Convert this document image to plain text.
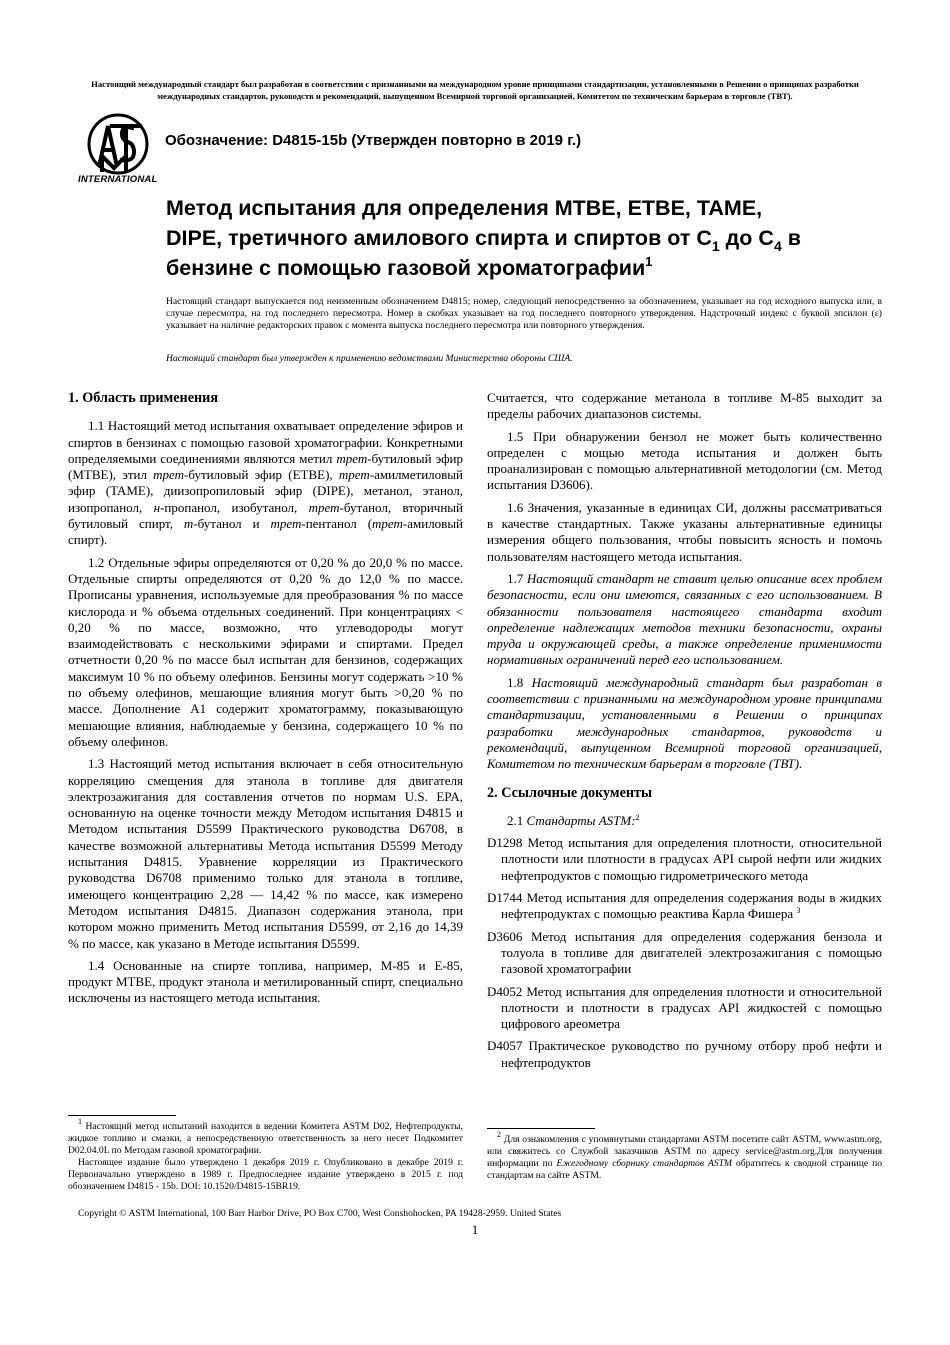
Настоящий международный стандарт был разработан в соответствии с признанными на международном уровне принципами стандартизации, установленными в Решении о принципах разработки международных стандартов, руководств и рекомендаций, выпущенном Всемирной торговой организацией, Комитетом по техническим барьерам в торговле (ТВТ).
INTERNATIONAL
Обозначение: D4815-15b (Утвержден повторно в 2019 г.)
Метод испытания для определения MTBE, ETBE, TAME, DIPE, третичного амилового спирта и спиртов от $C_1$ до $C_4$ в бензине с помощью газовой хроматографии$^1$
Настоящий стандарт выпускается под неизменным обозначением D4815; номер, следующий непосредственно за обозначением, указывает на год исходного выпуска или, в случае пересмотра, на год последнего пересмотра. Номер в скобках указывает на год последнего повторного утверждения. Надстрочный индекс с буквой эпсилон (ε) указывает на наличие редакторских правок с момента выпуска последнего пересмотра или повторного утверждения.
Настоящий стандарт был утвержден к применению ведомствами Министерства обороны США.
1. Область применения

1.1 Настоящий метод испытания охватывает определение эфиров и спиртов в бензинах с помощью газовой хроматографии. Конкретными определяемыми соединениями являются метил трет-бутиловый эфир (MTBE), этил трет-бутиловый эфир (ETBE), трет-амилметиловый эфир (TAME), диизопропиловый эфир (DIPE), метанол, этанол, изопропанол, н-пропанол, изобутанол, трет-бутанол, вторичный бутиловый спирт, т-бутанол и трет-пентанол (трет-амиловый спирт).

1.2 Отдельные эфиры определяются от 0,20 % до 20,0 % по массе. Отдельные спирты определяются от 0,20 % до 12,0 % по массе. Прописаны уравнения, используемые для преобразования % по массе кислорода и % объема отдельных соединений. При концентрациях < 0,20 % по массе, возможно, что углеводороды могут взаимодействовать с несколькими эфирами и спиртами. Предел отчетности 0,20 % по массе был испытан для бензинов, содержащих максимум 10 % по объему олефинов. Бензины могут содержать >10 % по объему олефинов, мешающие влияния могут быть >0,20 % по массе. Дополнение A1 содержит хроматограмму, показывающую мешающие влияния, наблюдаемые у бензина, содержащего 10 % по объему олефинов.

1.3 Настоящий метод испытания включает в себя относительную корреляцию смещения для этанола в топливе для двигателя электрозажигания для составления отчетов по нормам U.S. EPA, основанную на оценке точности между Методом испытания D4815 и Методом испытания D5599 Практического руководства D6708, в качестве возможной альтернативы Метода испытания D5599 Методу испытания D4815. Уравнение корреляции из Практического руководства D6708 применимо только для этанола в топливе, имеющего концентрацию 2,28 — 14,42 % по массе, как измерено Методом испытания D4815. Диапазон содержания этанола, при котором можно применить Метод испытания D5599, от 2,16 до 14,39 % по массе, как указано в Методе испытания D5599.

1.4 Основанные на спирте топлива, например, M-85 и E-85, продукт MTBE, продукт этанола и метилированный спирт, специально исключены из настоящего метода испытания.

Считается, что содержание метанола в топливе M-85 выходит за пределы рабочих диапазонов системы.

1.5 При обнаружении бензол не может быть количественно определен с мощью метода испытания и должен быть проанализирован с помощью альтернативной методологии (см. Метод испытания D3606).

1.6 Значения, указанные в единицах СИ, должны рассматриваться в качестве стандартных. Также указаны альтернативные единицы измерения общего пользования, чтобы повысить ясность и помочь пользователям настоящего метода испытания.

1.7 Настоящий стандарт не ставит целью описание всех проблем безопасности, если они имеются, связанных с его использованием. В обязанности пользователя настоящего стандарта входит определение надлежащих методов техники безопасности, охраны труда и окружающей среды, а также определение применимости нормативных ограничений перед его использованием.

1.8 Настоящий международный стандарт был разработан в соответствии с признанными на международном уровне принципами стандартизации, установленными в Решении о принципах разработки международных стандартов, руководств и рекомендаций, выпущенном Всемирной торговой организацией, Комитетом по техническим барьерам в торговле (ТВТ).

2. Ссылочные документы

2.1 Стандарты ASTM:$^2$

D1298 Метод испытания для определения плотности, относительной плотности или плотности в градусах API сырой нефти или жидких нефтепродуктов с помощью гидрометрического метода
D1744 Метод испытания для определения содержания воды в жидких нефтепродуктах с помощью реактива Карла Фишера $^3$
D3606 Метод испытания для определения содержания бензола и толуола в топливе для двигателей электрозажигания с помощью газовой хроматографии
D4052 Метод испытания для определения плотности и относительной плотности и плотности в градусах API жидкостей с помощью цифрового ареометра
D4057 Практическое руководство по ручному отбору проб нефти и нефтепродуктов

$^1$ Настоящий метод испытаний находится в ведении Комитета ASTM D02, Нефтепродукты, жидкое топливо и смазки, а непосредственную ответственность за него несет Подкомитет D02.04.0L по Методам газовой хроматографии.

Настоящее издание было утверждено 1 декабря 2019 г. Опубликовано в декабре 2019 г. Первоначально утверждено в 1989 г. Предпоследнее издание утверждено в 2015 г. под обозначением D4815 - 15b. DOI: 10.1520/D4815-15BR19.

$^2$ Для ознакомления с упомянутыми стандартами ASTM посетите сайт ASTM, www.astm.org, или свяжитесь со Службой заказчиков ASTM по адресу service@astm.org.Для получения информации по Ежегодному сборнику стандартов ASTM обратитесь к сводной странице по стандартам на сайте ASTM.

Copyright © ASTM International, 100 Barr Harbor Drive, PO Box C700, West Conshohocken, PA 19428-2959. United States
1
